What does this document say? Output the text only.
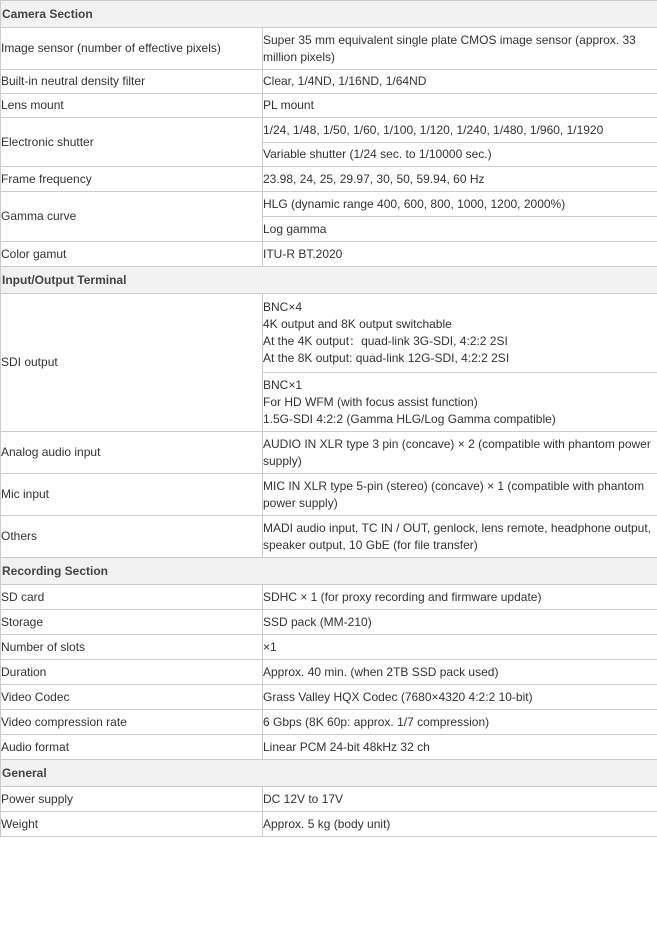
Camera Section	
Image sensor (number of effective pixels)	Super 35 mm equivalent single plate CMOS image sensor (approx. 33 million pixels)
Built-in neutral density filter	Clear, 1/4ND, 1/16ND, 1/64ND
Lens mount	PL mount
Electronic shutter	1/24, 1/48, 1/50, 1/60, 1/100, 1/120, 1/240, 1/480, 1/960, 1/1920
	Variable shutter (1/24 sec. to 1/10000 sec.)
Frame frequency	23.98, 24, 25, 29.97, 30, 50, 59.94, 60 Hz
Gamma curve	HLG (dynamic range 400, 600, 800, 1000, 1200, 2000%)
	Log gamma
Color gamut	ITU-R BT.2020
Input/Output Terminal	
SDI output	BNC×4
4K output and 8K output switchable
At the 4K output：quad-link 3G-SDI, 4:2:2 2SI
At the 8K output: quad-link 12G-SDI, 4:2:2 2SI

	BNC×1
For HD WFM (with focus assist function)
1.5G-SDI 4:2:2 (Gamma HLG/Log Gamma compatible)

Analog audio input	AUDIO IN XLR type 3 pin (concave) × 2 (compatible with phantom power supply)
Mic input	MIC IN XLR type 5-pin (stereo) (concave) × 1 (compatible with phantom power supply)
Others	MADI audio input, TC IN / OUT, genlock, lens remote, headphone output, speaker output, 10 GbE (for file transfer)
Recording Section	
SD card	SDHC × 1 (for proxy recording and firmware update)
Storage	SSD pack (MM-210)
Number of slots	×1
Duration	Approx. 40 min. (when 2TB SSD pack used)
Video Codec	Grass Valley HQX Codec (7680×4320 4:2:2 10-bit)
Video compression rate	6 Gbps (8K 60p: approx. 1/7 compression)
Audio format	Linear PCM 24-bit 48kHz 32 ch
General	
Power supply	DC 12V to 17V
Weight	Approx. 5 kg (body unit)
